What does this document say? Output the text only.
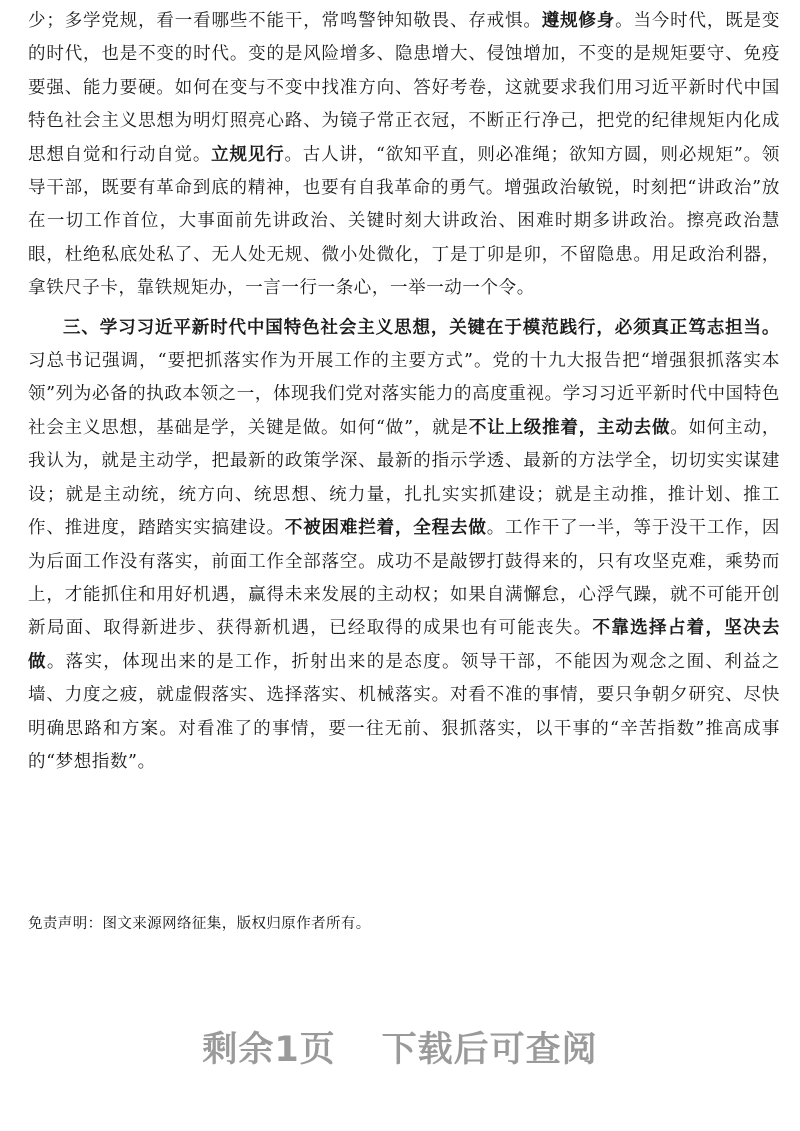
少；多学党规，看一看哪些不能干，常鸣警钟知敬畏、存戒惧。遵规修身。当今时代，既是变的时代，也是不变的时代。变的是风险增多、隐患增大、侵蚀增加，不变的是规矩要守、免疫要强、能力要硬。如何在变与不变中找准方向、答好考卷，这就要求我们用习近平新时代中国特色社会主义思想为明灯照亮心路、为镜子常正衣冠，不断正行净己，把党的纪律规矩内化成思想自觉和行动自觉。立规见行。古人讲，“欲知平直，则必准绳；欲知方圆，则必规矩”。领导干部，既要有革命到底的精神，也要有自我革命的勇气。增强政治敏锐，时刻把“讲政治”放在一切工作首位，大事面前先讲政治、关键时刻大讲政治、困难时期多讲政治。擦亮政治慧眼，杜绝私底处私了、无人处无规、微小处微化，丁是丁卯是卯，不留隐患。用足政治利器，拿铁尺子卡，靠铁规矩办，一言一行一条心，一举一动一个令。

三、学习习近平新时代中国特色社会主义思想，关键在于模范践行，必须真正笃志担当。习总书记强调，“要把抓落实作为开展工作的主要方式”。党的十九大报告把“增强狠抓落实本领”列为必备的执政本领之一，体现我们党对落实能力的高度重视。学习习近平新时代中国特色社会主义思想，基础是学，关键是做。如何“做”，就是不让上级推着，主动去做。如何主动，我认为，就是主动学，把最新的政策学深、最新的指示学透、最新的方法学全，切切实实谋建设；就是主动统，统方向、统思想、统力量，扎扎实实抓建设；就是主动推，推计划、推工作、推进度，踏踏实实搞建设。不被困难拦着，全程去做。工作干了一半，等于没干工作，因为后面工作没有落实，前面工作全部落空。成功不是敲锣打鼓得来的，只有攻坚克难，乘势而上，才能抓住和用好机遇，赢得未来发展的主动权；如果自满懈怠，心浮气躁，就不可能开创新局面、取得新进步、获得新机遇，已经取得的成果也有可能丧失。不靠选择占着，坚决去做。落实，体现出来的是工作，折射出来的是态度。领导干部，不能因为观念之囿、利益之墙、力度之疲，就虚假落实、选择落实、机械落实。对看不准的事情，要只争朝夕研究、尽快明确思路和方案。对看准了的事情，要一往无前、狠抓落实，以干事的“辛苦指数”推高成事的“梦想指数”。

免责声明：图文来源网络征集，版权归原作者所有。
剩余1页 下载后可查阅
